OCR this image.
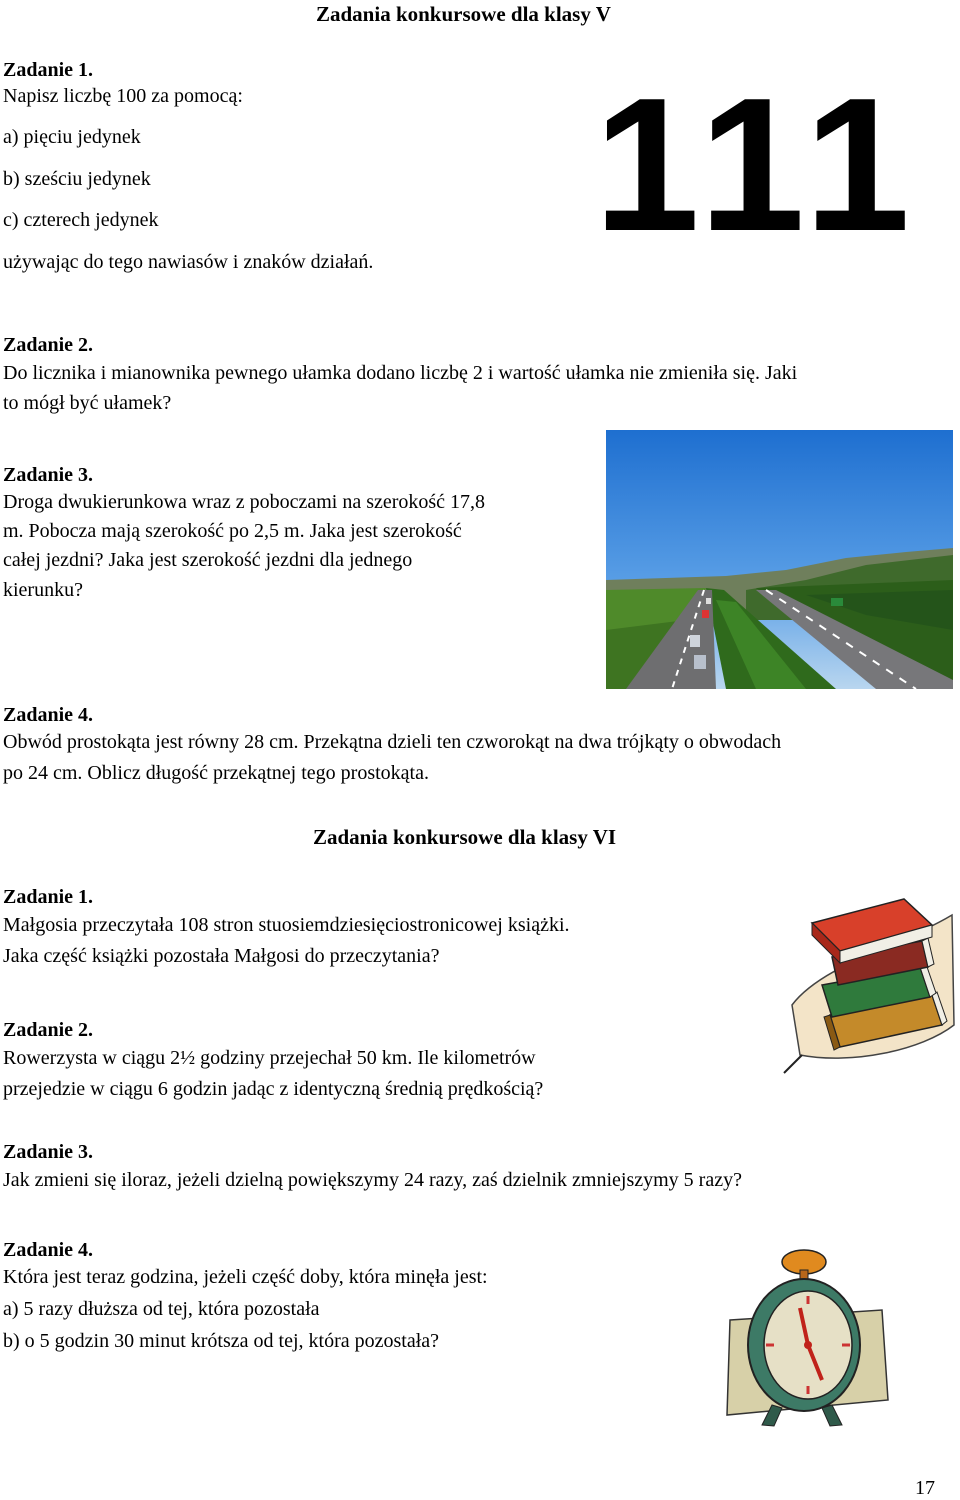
Zadania konkursowe dla klasy V
Zadanie 1.
Napisz liczbę 100 za pomocą:
a) pięciu jedynek
b) sześciu jedynek
c) czterech jedynek
używając do tego nawiasów i znaków działań. 111
Zadanie 2.
Do licznika i mianownika pewnego ułamka dodano liczbę 2 i wartość ułamka nie zmieniła się. Jaki
to mógł być ułamek?
Zadanie 3.
Droga dwukierunkowa wraz z poboczami na szerokość 17,8
m. Pobocza mają szerokość po 2,5 m. Jaka jest szerokość
całej jezdni? Jaka jest szerokość jezdni dla jednego
kierunku?
Zadanie 4.
Obwód prostokąta jest równy 28 cm. Przekątna dzieli ten czworokąt na dwa trójkąty o obwodach
po 24 cm. Oblicz długość przekątnej tego prostokąta.
Zadania konkursowe dla klasy VI
Zadanie 1.
Małgosia przeczytała 108 stron stuosiemdziesięciostronicowej książki.
Jaka część książki pozostała Małgosi do przeczytania?
Zadanie 2.
Rowerzysta w ciągu 2½ godziny przejechał 50 km. Ile kilometrów
przejedzie w ciągu 6 godzin jadąc z identyczną średnią prędkością?
Zadanie 3.
Jak zmieni się iloraz, jeżeli dzielną powiększymy 24 razy, zaś dzielnik zmniejszymy 5 razy?
Zadanie 4.
Która jest teraz godzina, jeżeli część doby, która minęła jest:
a) 5 razy dłuższa od tej, która pozostała
b) o 5 godzin 30 minut krótsza od tej, która pozostała?
17
